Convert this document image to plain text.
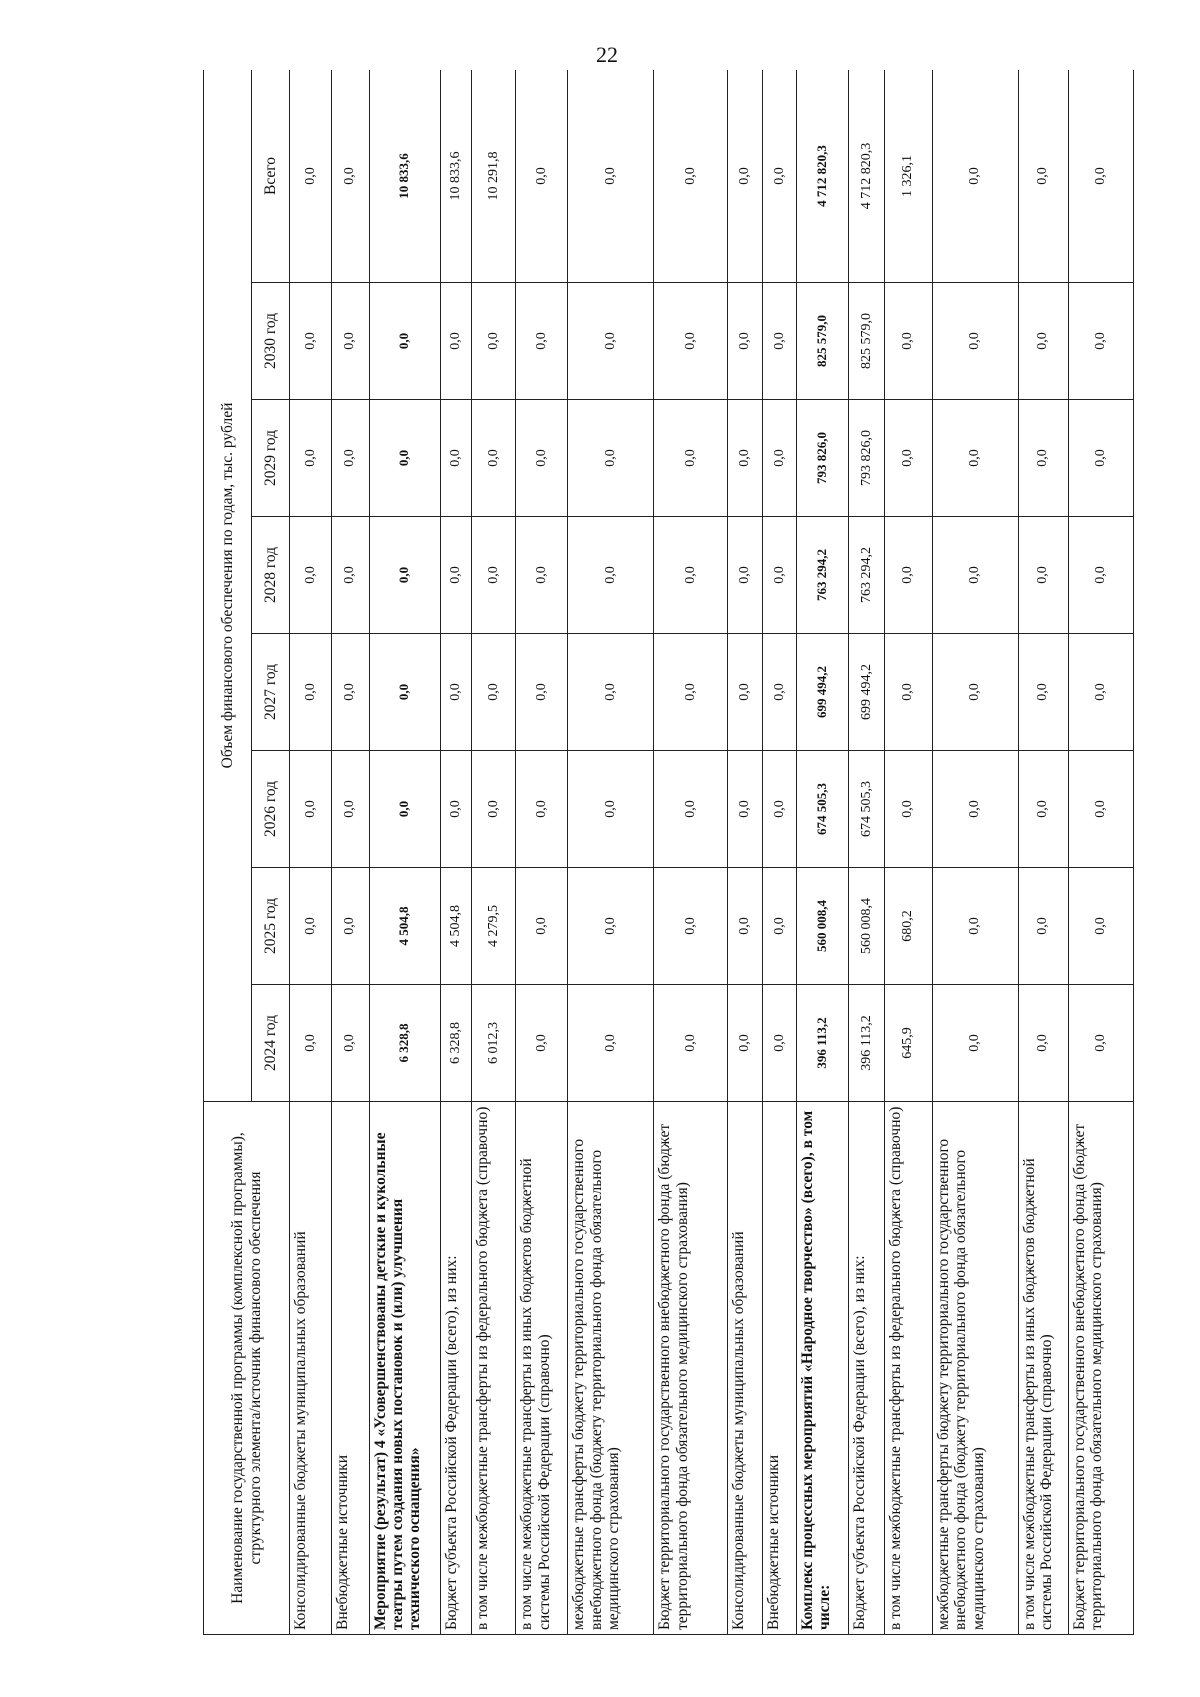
22
Наименование государственной программы (комплексной программы), структурного элемента/источник финансового обеспечения	Объем финансового обеспечения по годам, тыс. рублей							
	2024 год	2025 год	2026 год	2027 год	2028 год	2029 год	2030 год	Всего
Консолидированные бюджеты муниципальных образований	0,0	0,0	0,0	0,0	0,0	0,0	0,0	0,0
Внебюджетные источники	0,0	0,0	0,0	0,0	0,0	0,0	0,0	0,0
Мероприятие (результат) 4 «Усовершенствованы детские и кукольные театры путем создания новых постановок и (или) улучшения технического оснащения»	6 328,8	4 504,8	0,0	0,0	0,0	0,0	0,0	10 833,6
Бюджет субъекта Российской Федерации (всего), из них:	6 328,8	4 504,8	0,0	0,0	0,0	0,0	0,0	10 833,6
в том числе межбюджетные трансферты из федерального бюджета (справочно)	6 012,3	4 279,5	0,0	0,0	0,0	0,0	0,0	10 291,8
в том числе межбюджетные трансферты из иных бюджетов бюджетной системы Российской Федерации (справочно)	0,0	0,0	0,0	0,0	0,0	0,0	0,0	0,0
межбюджетные трансферты бюджету территориального государственного внебюджетного фонда (бюджету территориального фонда обязательного медицинского страхования)	0,0	0,0	0,0	0,0	0,0	0,0	0,0	0,0
Бюджет территориального государственного внебюджетного фонда (бюджет территориального фонда обязательного медицинского страхования)	0,0	0,0	0,0	0,0	0,0	0,0	0,0	0,0
Консолидированные бюджеты муниципальных образований	0,0	0,0	0,0	0,0	0,0	0,0	0,0	0,0
Внебюджетные источники	0,0	0,0	0,0	0,0	0,0	0,0	0,0	0,0
Комплекс процессных мероприятий «Народное творчество» (всего), в том числе:	396 113,2	560 008,4	674 505,3	699 494,2	763 294,2	793 826,0	825 579,0	4 712 820,3
Бюджет субъекта Российской Федерации (всего), из них:	396 113,2	560 008,4	674 505,3	699 494,2	763 294,2	793 826,0	825 579,0	4 712 820,3
в том числе межбюджетные трансферты из федерального бюджета (справочно)	645,9	680,2	0,0	0,0	0,0	0,0	0,0	1 326,1
межбюджетные трансферты бюджету территориального государственного внебюджетного фонда (бюджету территориального фонда обязательного медицинского страхования)	0,0	0,0	0,0	0,0	0,0	0,0	0,0	0,0
в том числе межбюджетные трансферты из иных бюджетов бюджетной системы Российской Федерации (справочно)	0,0	0,0	0,0	0,0	0,0	0,0	0,0	0,0
Бюджет территориального государственного внебюджетного фонда (бюджет территориального фонда обязательного медицинского страхования)	0,0	0,0	0,0	0,0	0,0	0,0	0,0	0,0
